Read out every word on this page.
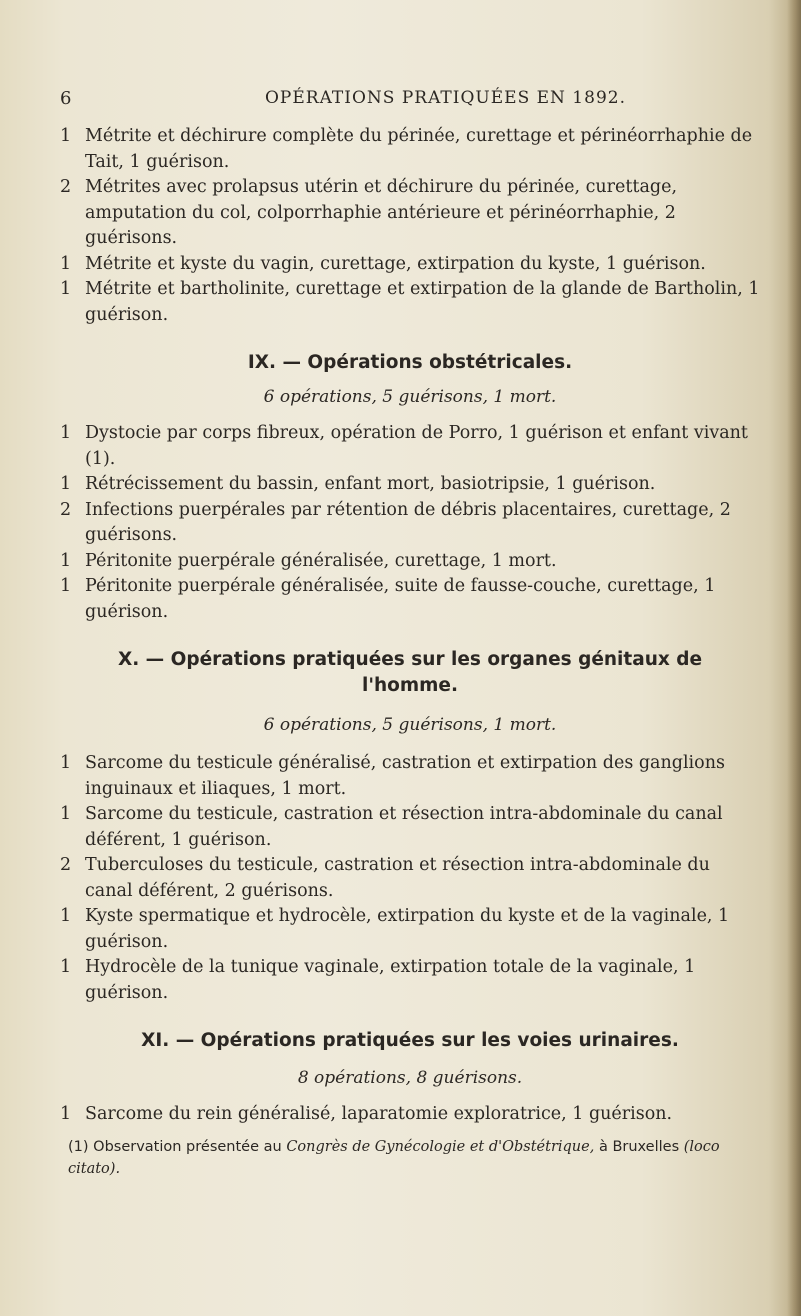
6	OPÉRATIONS PRATIQUÉES EN 1892.

1 Métrite et déchirure complète du périnée, curettage et périnéorrhaphie de Tait, 1 guérison.

2 Métrites avec prolapsus utérin et déchirure du périnée, curettage, amputation du col, colporrhaphie antérieure et périnéorrhaphie, 2 guérisons.

1 Métrite et kyste du vagin, curettage, extirpation du kyste, 1 guérison.

1 Métrite et bartholinite, curettage et extirpation de la glande de Bartholin, 1 guérison.

IX. — Opérations obstétricales.

6 opérations, 5 guérisons, 1 mort.

1 Dystocie par corps fibreux, opération de Porro, 1 guérison et enfant vivant (1).

1 Rétrécissement du bassin, enfant mort, basiotripsie, 1 guérison.

2 Infections puerpérales par rétention de débris placentaires, curettage, 2 guérisons.

1 Péritonite puerpérale généralisée, curettage, 1 mort.

1 Péritonite puerpérale généralisée, suite de fausse-couche, curettage, 1 guérison.

X. — Opérations pratiquées sur les organes génitaux de

l'homme.

6 opérations, 5 guérisons, 1 mort.

1 Sarcome du testicule généralisé, castration et extirpation des ganglions inguinaux et iliaques, 1 mort.

1 Sarcome du testicule, castration et résection intra-abdominale du canal déférent, 1 guérison.

2 Tuberculoses du testicule, castration et résection intra-abdominale du canal déférent, 2 guérisons.

1 Kyste spermatique et hydrocèle, extirpation du kyste et de la vaginale, 1 guérison.

1 Hydrocèle de la tunique vaginale, extirpation totale de la vaginale, 1 guérison.

XI. — Opérations pratiquées sur les voies urinaires.

8 opérations, 8 guérisons.

1 Sarcome du rein généralisé, laparatomie exploratrice, 1 guérison.

(1) Observation présentée au Congrès de Gynécologie et d'Obstétrique, à Bruxelles (loco citato).
